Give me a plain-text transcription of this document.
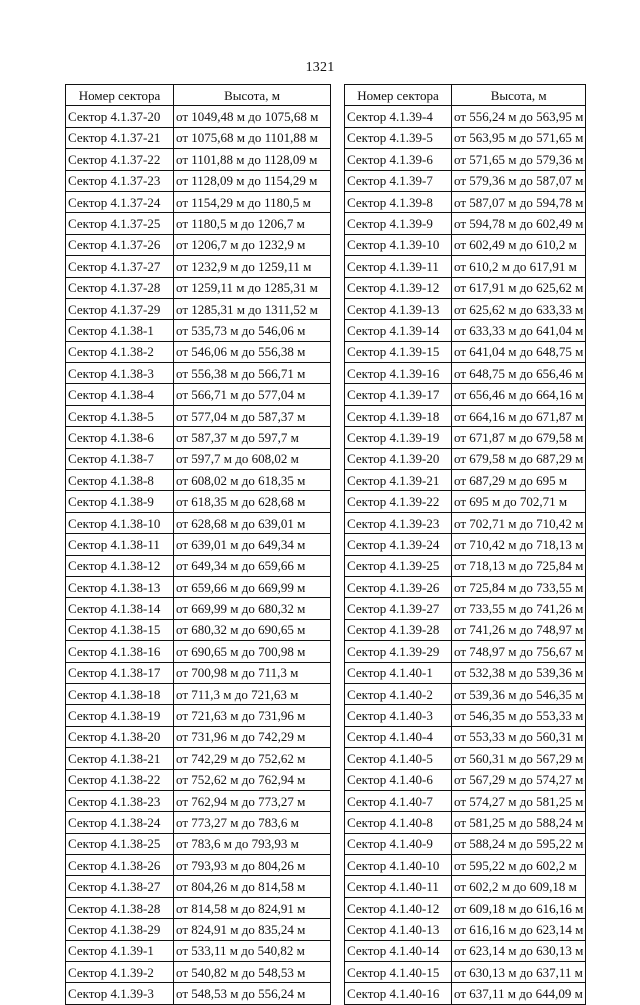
1321
Номер сектора	Высота, м
Сектор 4.1.37-20	от 1049,48 м до 1075,68 м
Сектор 4.1.37-21	от 1075,68 м до 1101,88 м
Сектор 4.1.37-22	от 1101,88 м до 1128,09 м
Сектор 4.1.37-23	от 1128,09 м до 1154,29 м
Сектор 4.1.37-24	от 1154,29 м до 1180,5 м
Сектор 4.1.37-25	от 1180,5 м до 1206,7 м
Сектор 4.1.37-26	от 1206,7 м до 1232,9 м
Сектор 4.1.37-27	от 1232,9 м до 1259,11 м
Сектор 4.1.37-28	от 1259,11 м до 1285,31 м
Сектор 4.1.37-29	от 1285,31 м до 1311,52 м
Сектор 4.1.38-1	от 535,73 м до 546,06 м
Сектор 4.1.38-2	от 546,06 м до 556,38 м
Сектор 4.1.38-3	от 556,38 м до 566,71 м
Сектор 4.1.38-4	от 566,71 м до 577,04 м
Сектор 4.1.38-5	от 577,04 м до 587,37 м
Сектор 4.1.38-6	от 587,37 м до 597,7 м
Сектор 4.1.38-7	от 597,7 м до 608,02 м
Сектор 4.1.38-8	от 608,02 м до 618,35 м
Сектор 4.1.38-9	от 618,35 м до 628,68 м
Сектор 4.1.38-10	от 628,68 м до 639,01 м
Сектор 4.1.38-11	от 639,01 м до 649,34 м
Сектор 4.1.38-12	от 649,34 м до 659,66 м
Сектор 4.1.38-13	от 659,66 м до 669,99 м
Сектор 4.1.38-14	от 669,99 м до 680,32 м
Сектор 4.1.38-15	от 680,32 м до 690,65 м
Сектор 4.1.38-16	от 690,65 м до 700,98 м
Сектор 4.1.38-17	от 700,98 м до 711,3 м
Сектор 4.1.38-18	от 711,3 м до 721,63 м
Сектор 4.1.38-19	от 721,63 м до 731,96 м
Сектор 4.1.38-20	от 731,96 м до 742,29 м
Сектор 4.1.38-21	от 742,29 м до 752,62 м
Сектор 4.1.38-22	от 752,62 м до 762,94 м
Сектор 4.1.38-23	от 762,94 м до 773,27 м
Сектор 4.1.38-24	от 773,27 м до 783,6 м
Сектор 4.1.38-25	от 783,6 м до 793,93 м
Сектор 4.1.38-26	от 793,93 м до 804,26 м
Сектор 4.1.38-27	от 804,26 м до 814,58 м
Сектор 4.1.38-28	от 814,58 м до 824,91 м
Сектор 4.1.38-29	от 824,91 м до 835,24 м
Сектор 4.1.39-1	от 533,11 м до 540,82 м
Сектор 4.1.39-2	от 540,82 м до 548,53 м
Сектор 4.1.39-3	от 548,53 м до 556,24 м
Номер сектора	Высота, м
Сектор 4.1.39-4	от 556,24 м до 563,95 м
Сектор 4.1.39-5	от 563,95 м до 571,65 м
Сектор 4.1.39-6	от 571,65 м до 579,36 м
Сектор 4.1.39-7	от 579,36 м до 587,07 м
Сектор 4.1.39-8	от 587,07 м до 594,78 м
Сектор 4.1.39-9	от 594,78 м до 602,49 м
Сектор 4.1.39-10	от 602,49 м до 610,2 м
Сектор 4.1.39-11	от 610,2 м до 617,91 м
Сектор 4.1.39-12	от 617,91 м до 625,62 м
Сектор 4.1.39-13	от 625,62 м до 633,33 м
Сектор 4.1.39-14	от 633,33 м до 641,04 м
Сектор 4.1.39-15	от 641,04 м до 648,75 м
Сектор 4.1.39-16	от 648,75 м до 656,46 м
Сектор 4.1.39-17	от 656,46 м до 664,16 м
Сектор 4.1.39-18	от 664,16 м до 671,87 м
Сектор 4.1.39-19	от 671,87 м до 679,58 м
Сектор 4.1.39-20	от 679,58 м до 687,29 м
Сектор 4.1.39-21	от 687,29 м до 695 м
Сектор 4.1.39-22	от 695 м до 702,71 м
Сектор 4.1.39-23	от 702,71 м до 710,42 м
Сектор 4.1.39-24	от 710,42 м до 718,13 м
Сектор 4.1.39-25	от 718,13 м до 725,84 м
Сектор 4.1.39-26	от 725,84 м до 733,55 м
Сектор 4.1.39-27	от 733,55 м до 741,26 м
Сектор 4.1.39-28	от 741,26 м до 748,97 м
Сектор 4.1.39-29	от 748,97 м до 756,67 м
Сектор 4.1.40-1	от 532,38 м до 539,36 м
Сектор 4.1.40-2	от 539,36 м до 546,35 м
Сектор 4.1.40-3	от 546,35 м до 553,33 м
Сектор 4.1.40-4	от 553,33 м до 560,31 м
Сектор 4.1.40-5	от 560,31 м до 567,29 м
Сектор 4.1.40-6	от 567,29 м до 574,27 м
Сектор 4.1.40-7	от 574,27 м до 581,25 м
Сектор 4.1.40-8	от 581,25 м до 588,24 м
Сектор 4.1.40-9	от 588,24 м до 595,22 м
Сектор 4.1.40-10	от 595,22 м до 602,2 м
Сектор 4.1.40-11	от 602,2 м до 609,18 м
Сектор 4.1.40-12	от 609,18 м до 616,16 м
Сектор 4.1.40-13	от 616,16 м до 623,14 м
Сектор 4.1.40-14	от 623,14 м до 630,13 м
Сектор 4.1.40-15	от 630,13 м до 637,11 м
Сектор 4.1.40-16	от 637,11 м до 644,09 м
